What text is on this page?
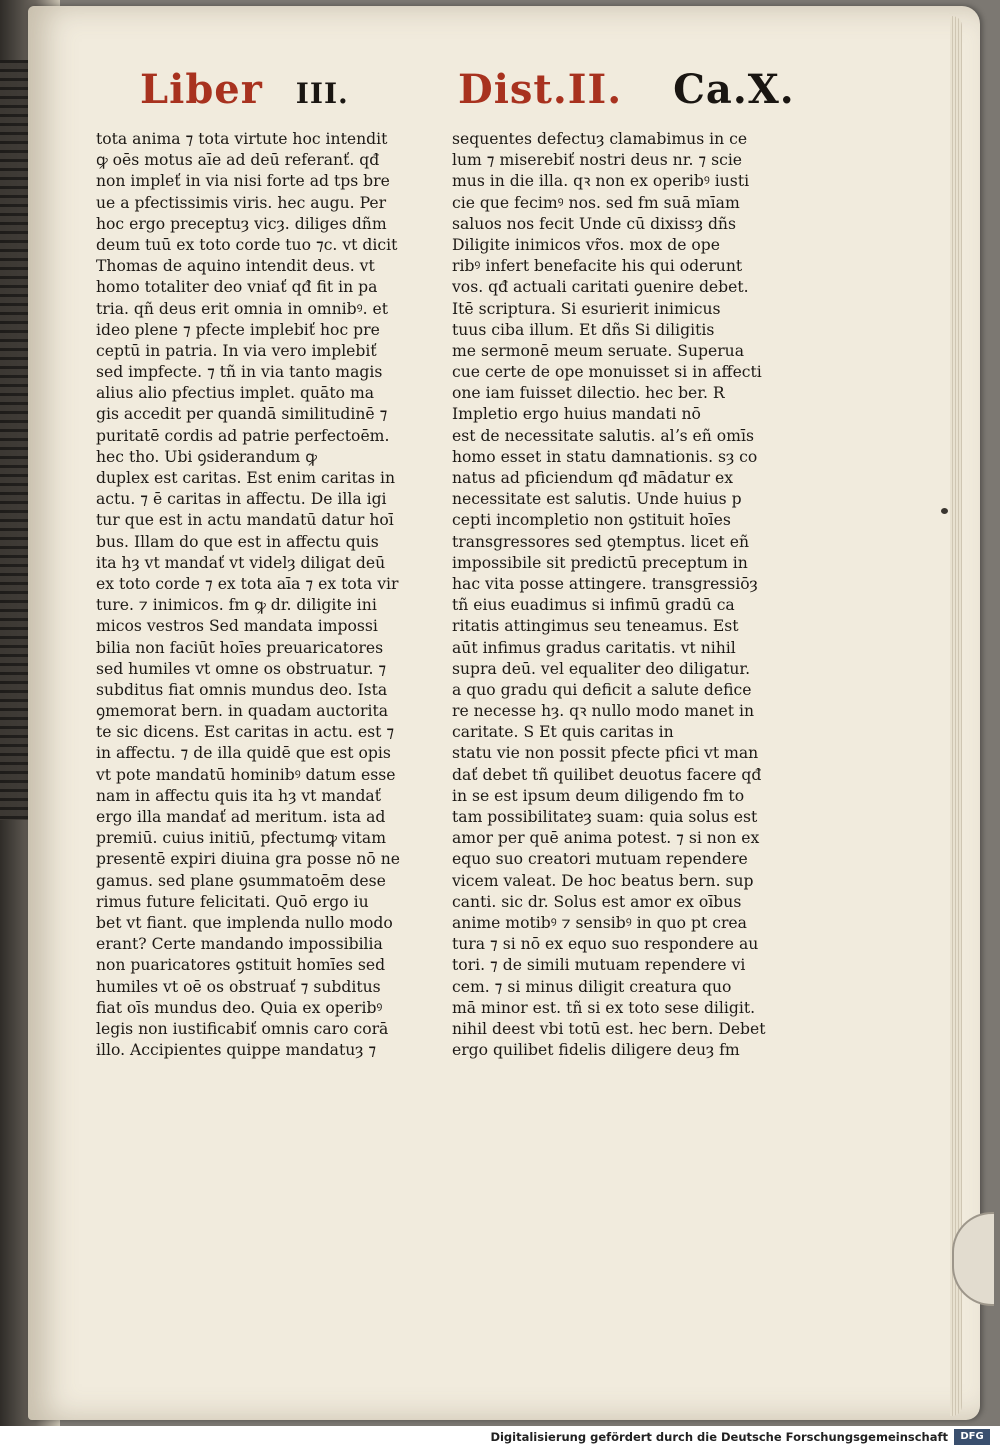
Liber III.	Dist.II. Ca.X.
tota anima ⁊ tota virtute hoc intendit
ꝙ oēs motus aīe ad deū referanť. qđ
non impleť in via nisi forte ad tps bre
ue a pfectissimis viris. hec augu. Per
hoc ergo preceptuȝ vicȝ. diliges dñm
deum tuū ex toto corde tuo ⁊c. vt dicit
Thomas de aquino intendit deus. vt
homo totaliter deo vniať qđ fit in pa
tria. qñ deus erit omnia in omnibꝰ. et
ideo plene ⁊ pfecte implebiť hoc pre
ceptū in patria. In via vero implebiť
sed impfecte. ⁊ tñ in via tanto magis
alius alio pfectius implet. quāto ma
gis accedit per quandā similitudinē ⁊
puritatē cordis ad patrie perfectoēm.
hec tho. Ubi ꝯsiderandum ꝙ
duplex est caritas. Est enim caritas in
actu. ⁊ ē caritas in affectu. De illa igi
tur que est in actu mandatū datur hoī
bus. Illam do que est in affectu quis
ita hȝ vt mandať vt videlȝ diligat deū
ex toto corde ⁊ ex tota aīa ⁊ ex tota vir
ture. ⁊ inimicos. fm ꝙ dr. diligite ini
micos vestros Sed mandata impossi
bilia non faciūt hoīes preuaricatores
sed humiles vt omne os obstruatur. ⁊
subditus fiat omnis mundus deo. Ista
ꝯmemorat bern. in quadam auctorita
te sic dicens. Est caritas in actu. est ⁊
in affectu. ⁊ de illa quidē que est opis
vt pote mandatū hominibꝰ datum esse
nam in affectu quis ita hȝ vt mandať
ergo illa mandať ad meritum. ista ad
premiū. cuius initiū, pfectumꝙ vitam
presentē expiri diuina gra posse nō ne
gamus. sed plane ꝯsummatoēm dese
rimus future felicitati. Quō ergo iu
bet vt fiant. que implenda nullo modo
erant? Certe mandando impossibilia
non puaricatores ꝯstituit homīes sed
humiles vt oē os obstruať ⁊ subditus
fiat oīs mundus deo. Quia ex operibꝰ
legis non iustificabiť omnis caro corā
illo. Accipientes quippe mandatuȝ ⁊
sequentes defectuȝ clamabimus in ce
lum ⁊ miserebiť nostri deus nr. ⁊ scie
mus in die illa. qꝛ non ex operibꝰ iusti
cie que fecimꝰ nos. sed fm suā mīam
saluos nos fecit Unde cū dixissȝ dñs
Diligite inimicos vr̃os. mox de ope
ribꝰ infert benefacite his qui oderunt
vos. qđ actuali caritati ꝯuenire debet.
Itē scriptura. Si esurierit inimicus
tuus ciba illum. Et dñs Si diligitis
me sermonē meum seruate. Superua
cue certe de ope monuisset si in affecti
one iam fuisset dilectio. hec ber. R
Impletio ergo huius mandati nō
est de necessitate salutis. alʼs eñ omīs
homo esset in statu damnationis. sȝ co
natus ad pficiendum qđ mādatur ex
necessitate est salutis. Unde huius p
cepti incompletio non ꝯstituit hoīes
transgressores sed ꝯtemptus. licet eñ
impossibile sit predictū preceptum in
hac vita posse attingere. transgressiōȝ
tñ eius euadimus si infimū gradū ca
ritatis attingimus seu teneamus. Est
aūt infimus gradus caritatis. vt nihil
supra deū. vel equaliter deo diligatur.
a quo gradu qui deficit a salute defice
re necesse hȝ. qꝛ nullo modo manet in
caritate. S Et quis caritas in
statu vie non possit pfecte pfici vt man
dať debet tñ quilibet deuotus facere qđ
in se est ipsum deum diligendo fm to
tam possibilitateȝ suam: quia solus est
amor per quē anima potest. ⁊ si non ex
equo suo creatori mutuam rependere
vicem valeat. De hoc beatus bern. sup
canti. sic dr. Solus est amor ex oībus
anime motibꝰ ⁊ sensibꝰ in quo pt crea
tura ⁊ si nō ex equo suo respondere au
tori. ⁊ de simili mutuam rependere vi
cem. ⁊ si minus diligit creatura quo
mā minor est. tñ si ex toto sese diligit.
nihil deest vbi totū est. hec bern. Debet
ergo quilibet fidelis diligere deuȝ fm
Digitalisierung gefördert durch die Deutsche Forschungsgemeinschaft	DFG
